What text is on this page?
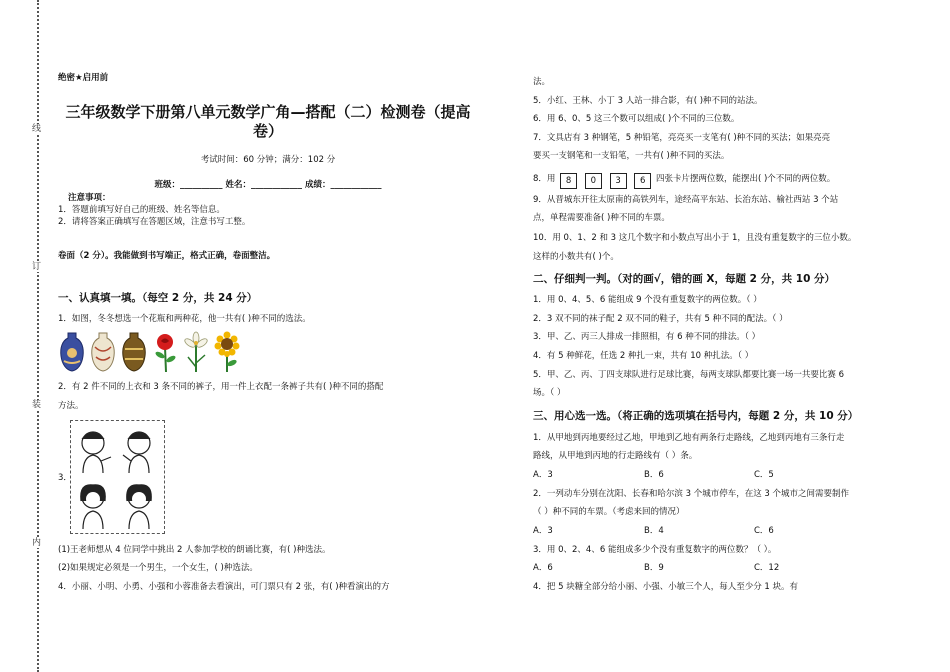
线
订
装
内
绝密★启用前
三年级数学下册第八单元数学广角—搭配（二）检测卷（提高
卷）
考试时间：60 分钟；满分：102 分
班级：__________ 姓名：____________ 成绩：____________
注意事项：
1．答题前填写好自己的班级、姓名等信息。
2．请将答案正确填写在答题区域，注意书写工整。
卷面（2 分）。我能做到书写端正，格式正确，卷面整洁。
一、认真填一填。（每空 2 分，共 24 分）
1．如图，冬冬想选一个花瓶和两种花，他一共有( )种不同的选法。
2．有 2 件不同的上衣和 3 条不同的裤子，用一件上衣配一条裤子共有( )种不同的搭配
方法。
3．
(1)王老师想从 4 位同学中挑出 2 人参加学校的朗诵比赛，有( )种选法。
(2)如果规定必须是一个男生，一个女生，( )种选法。
4．小丽、小明、小勇、小强和小蓉准备去看演出，可门票只有 2 张，有( )种看演出的方
法。
5．小红、王林、小丁 3 人站一排合影，有( )种不同的站法。
6．用 6、0、5 这三个数可以组成( )个不同的三位数。
7．文具店有 3 种钢笔，5 种铅笔，亮亮买一支笔有( )种不同的买法；如果亮亮
要买一支钢笔和一支铅笔，一共有( )种不同的买法。
8．用 8 0 3 6 四张卡片摆两位数，能摆出( )个不同的两位数。
9．从晋城东开往太原南的高铁列车，途经高平东站、长治东站、榆社西站 3 个站
点，单程需要准备( )种不同的车票。
10．用 0、1、2 和 3 这几个数字和小数点写出小于 1，且没有重复数字的三位小数。
这样的小数共有( )个。
二、仔细判一判。（对的画√，错的画 X，每题 2 分，共 10 分）
1．用 0、4、5、6 能组成 9 个没有重复数字的两位数。（ ）
2．3 双不同的袜子配 2 双不同的鞋子，共有 5 种不同的配法。（ ）
3．甲、乙、丙三人排成一排照相，有 6 种不同的排法。（ ）
4．有 5 种鲜花，任选 2 种扎一束，共有 10 种扎法。（ ）
5．甲、乙、丙、丁四支球队进行足球比赛，每两支球队都要比赛一场一共要比赛 6
场。（ ）
三、用心选一选。（将正确的选项填在括号内，每题 2 分，共 10 分）
1．从甲地到丙地要经过乙地，甲地到乙地有两条行走路线，乙地到丙地有三条行走
路线，从甲地到丙地的行走路线有（ ）条。
A．3	B．6	C．5
2．一列动车分别在沈阳、长春和哈尔滨 3 个城市停车，在这 3 个城市之间需要制作
（ ）种不同的车票。（考虑来回的情况）
A．3	B．4	C．6
3．用 0、2、4、6 能组成多少个没有重复数字的两位数？（ ）。
A．6	B．9	C．12
4．把 5 块糖全部分给小丽、小强、小敏三个人，每人至少分 1 块。有
